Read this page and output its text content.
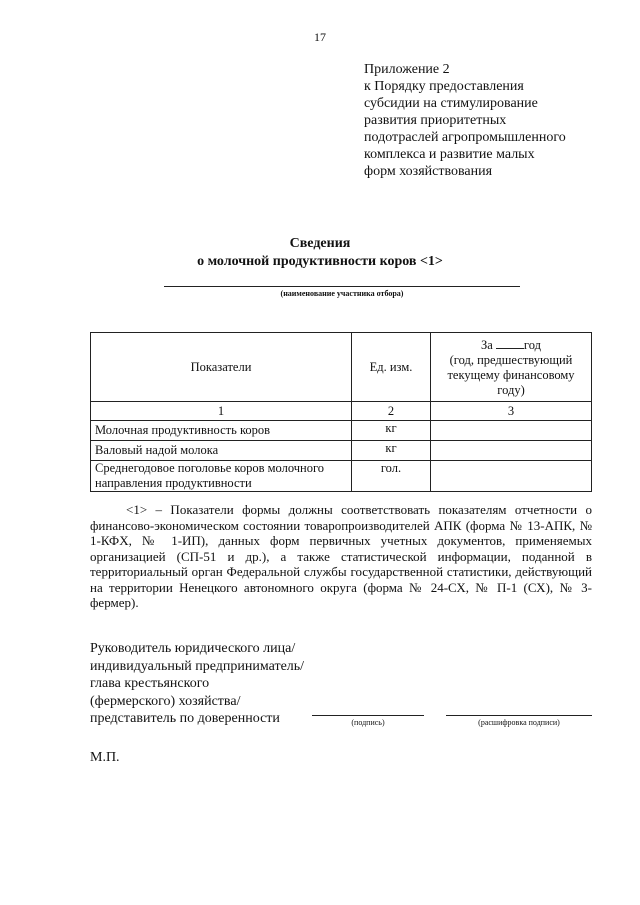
17
Приложение 2
к Порядку предоставления
субсидии на стимулирование
развития приоритетных
подотраслей агропромышленного
комплекса и развитие малых
форм хозяйствования
Сведения
о молочной продуктивности коров <1>
(наименование участника отбора)
Показатели	Ед. изм.	За год
(год, предшествующий текущему финансовому году)

1	2	3
Молочная продуктивность коров	кг	
Валовый надой молока	кг	
Среднегодовое поголовье коров молочного направления продуктивности	гол.	

<1> – Показатели формы должны соответствовать показателям отчетности о финансово-экономическом состоянии товаропроизводителей АПК (форма № 13-АПК, № 1-КФХ, № 1-ИП), данных форм первичных учетных документов, применяемых организацией (СП-51 и др.), а также статистической информации, поданной в территориальный орган Федеральной службы государственной статистики, действующий на территории Ненецкого автономного округа (форма № 24-СХ, № П-1 (СХ), № 3-фермер).

Руководитель юридического лица/
индивидуальный предприниматель/
глава крестьянского
(фермерского) хозяйства/
представитель по доверенности	(подпись)	(расшифровка подписи)
М.П.
